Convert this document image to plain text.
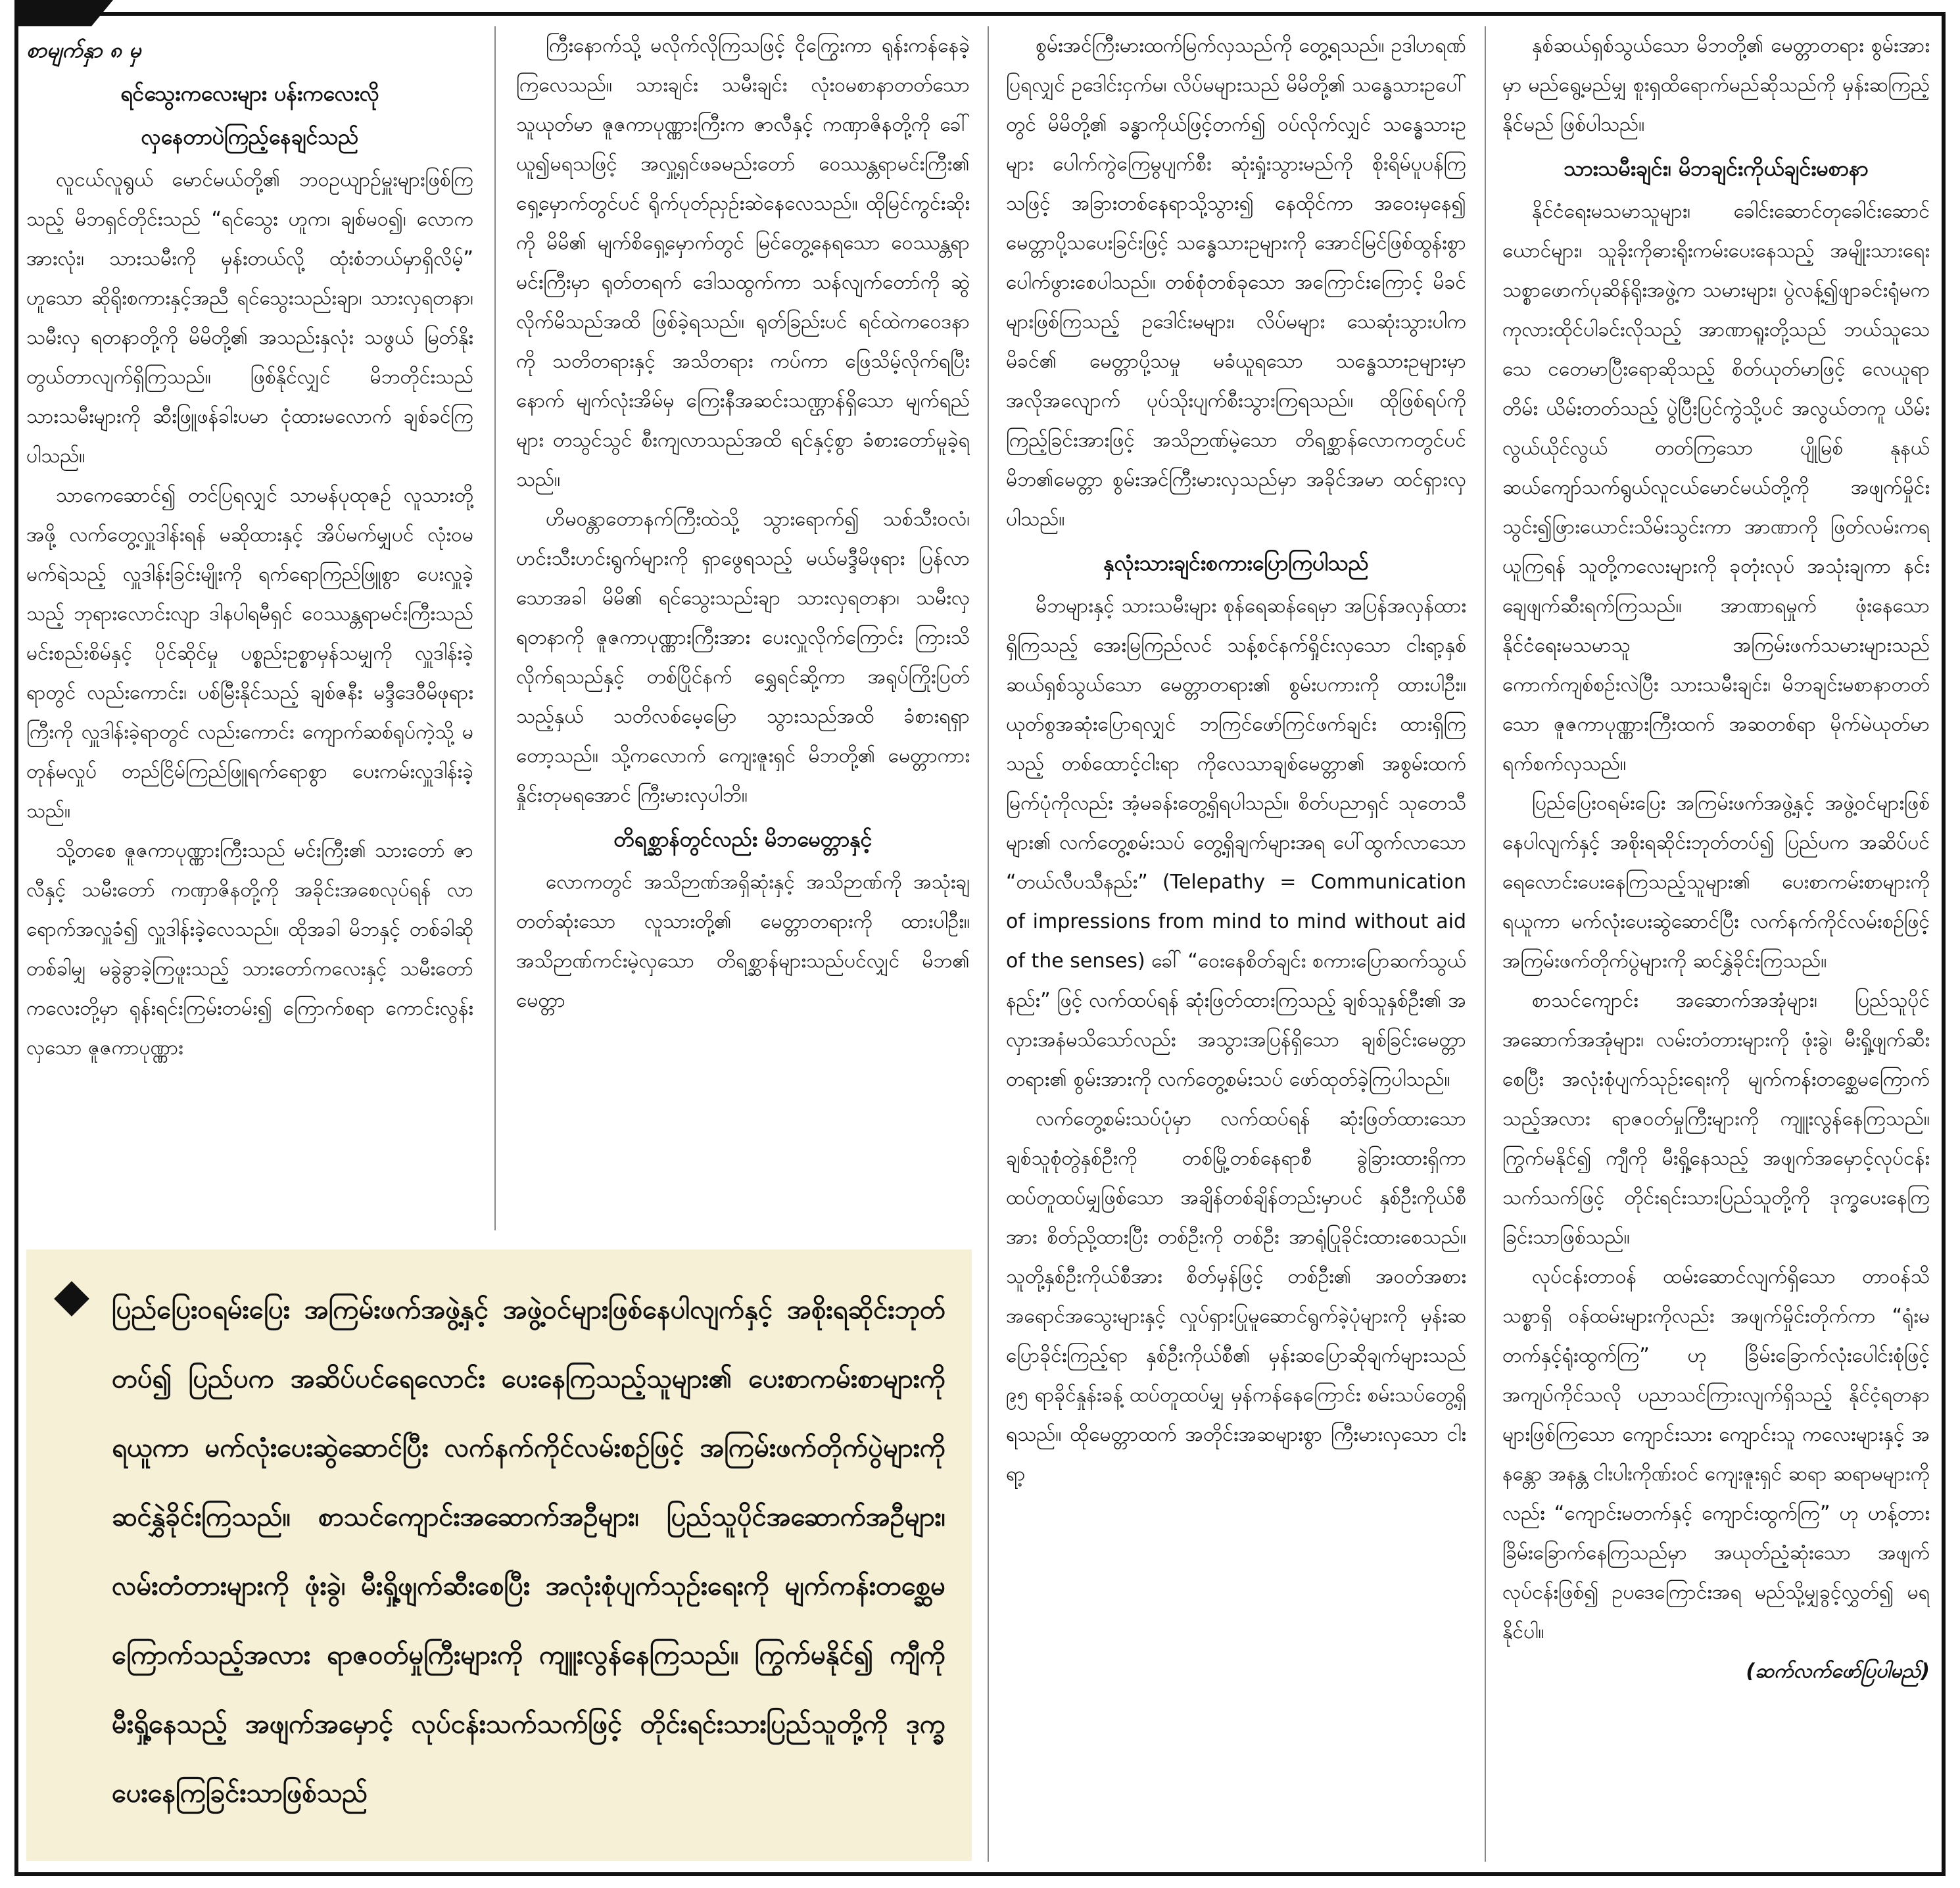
စာမျက်နှာ ၈ မှ

ရင်သွေးကလေးများ ပန်းကလေးလို

လှနေတာပဲကြည့်နေချင်သည်

လူငယ်လူရွယ် မောင်မယ်တို့၏ ဘဝဥယျာဉ်မှူးများဖြစ်ကြသည့် မိဘရှင်တိုင်းသည် “ရင်သွေး ဟူက၊ ချစ်မဝ၍၊ လောကအားလုံး၊ သားသမီးကို မှန်းတယ်လို့ ထုံးစံဘယ်မှာရှိလိမ့်” ဟူသော ဆိုရိုးစကားနှင့်အညီ ရင်သွေးသည်းချာ၊ သားလှရတနာ၊ သမီးလှ ရတနာတို့ကို မိမိတို့၏ အသည်းနှလုံး သဖွယ် မြတ်နိုးတွယ်တာလျက်ရှိကြသည်။ ဖြစ်နိုင်လျှင် မိဘတိုင်းသည် သားသမီးများကို ဆီးဖြူဖန်ခါးပမာ ငုံထားမလောက် ချစ်ခင်ကြပါသည်။

သာကေဆောင်၍ တင်ပြရလျှင် သာမန်ပုထုဇဉ် လူသားတို့အဖို့ လက်တွေ့လှူဒါန်းရန် မဆိုထားနှင့် အိပ်မက်မျှပင် လုံးဝမမက်ရဲသည့် လှူဒါန်းခြင်းမျိုးကို ရက်ရောကြည်ဖြူစွာ ပေးလှူခဲ့သည့် ဘုရားလောင်းလျာ ဒါနပါရမီရှင် ဝေဿန္တရာမင်းကြီးသည် မင်းစည်းစိမ်နှင့် ပိုင်ဆိုင်မှု ပစ္စည်းဥစ္စာမှန်သမျှကို လှူဒါန်းခဲ့ရာတွင် လည်းကောင်း၊ ပစ်မြီးနိုင်သည့် ချစ်ဇနီး မဒ္ဒီဒေဝီမိဖုရားကြီးကို လှူဒါန်းခဲ့ရာတွင် လည်းကောင်း ကျောက်ဆစ်ရုပ်ကဲ့သို့ မတုန်မလှုပ် တည်ငြိမ်ကြည်ဖြူရက်ရောစွာ ပေးကမ်းလှူဒါန်းခဲ့သည်။

သို့တစေ ဇူဇကာပုဏ္ဏားကြီးသည် မင်းကြီး၏ သားတော် ဇာလီနှင့် သမီးတော် ကဏှာဇိနတို့ကို အခိုင်းအစေလုပ်ရန် လာရောက်အလှူခံ၍ လှူဒါန်းခဲ့လေသည်။ ထိုအခါ မိဘနှင့် တစ်ခါဆိုတစ်ခါမျှ မခွဲခွာခဲ့ကြဖူးသည့် သားတော်ကလေးနှင့် သမီးတော်ကလေးတို့မှာ ရုန်းရင်းကြမ်းတမ်း၍ ကြောက်စရာ ကောင်းလွန်းလှသော ဇူဇကာပုဏ္ဏား

ကြီးနောက်သို့ မလိုက်လိုကြသဖြင့် ငိုကြွေးကာ ရုန်းကန်နေခဲ့ကြလေသည်။ သားချင်း သမီးချင်း လုံးဝမစာနာတတ်သော သူယုတ်မာ ဇူဇကာပုဏ္ဏားကြီးက ဇာလီနှင့် ကဏှာဇိနတို့ကို ခေါ်ယူ၍မရသဖြင့် အလှူ့ရှင်ဖခမည်းတော် ဝေဿန္တရာမင်းကြီး၏ ရှေ့မှောက်တွင်ပင် ရိုက်ပုတ်ညှဉ်းဆဲနေလေသည်။ ထိုမြင်ကွင်းဆိုးကို မိမိ၏ မျက်စိရှေ့မှောက်တွင် မြင်တွေ့နေရသော ဝေဿန္တရာမင်းကြီးမှာ ရုတ်တရက် ဒေါသထွက်ကာ သန်လျက်တော်ကို ဆွဲလိုက်မိသည်အထိ ဖြစ်ခဲ့ရသည်။ ရုတ်ခြည်းပင် ရင်ထဲကဝေဒနာကို သတိတရားနှင့် အသိတရား ကပ်ကာ ဖြေသိမ့်လိုက်ရပြီးနောက် မျက်လုံးအိမ်မှ ကြေးနီအဆင်းသဏ္ဌာန်ရှိသော မျက်ရည်များ တသွင်သွင် စီးကျလာသည်အထိ ရင်နှင့်စွာ ခံစားတော်မူခဲ့ရသည်။

ဟိမဝန္တာတောနက်ကြီးထဲသို့ သွားရောက်၍ သစ်သီးဝလံ၊ ဟင်းသီးဟင်းရွက်များကို ရှာဖွေရသည့် မယ်မဒ္ဒီမိဖုရား ပြန်လာသောအခါ မိမိ၏ ရင်သွေးသည်းချာ သားလှရတနာ၊ သမီးလှရတနာကို ဇူဇကာပုဏ္ဏားကြီးအား ပေးလှူလိုက်ကြောင်း ကြားသိလိုက်ရသည်နှင့် တစ်ပြိုင်နက် ရွှေရင်ဆို့ကာ အရုပ်ကြိုးပြတ်သည့်နှယ် သတိလစ်မေ့မြော သွားသည်အထိ ခံစားရရှာတော့သည်။ သို့ကလောက် ကျေးဇူးရှင် မိဘတို့၏ မေတ္တာကား နှိုင်းတုမရအောင် ကြီးမားလှပါဘိ။

တိရစ္ဆာန်တွင်လည်း မိဘမေတ္တာနှင့်

လောကတွင် အသိဉာဏ်အရှိဆုံးနှင့် အသိဉာဏ်ကို အသုံးချတတ်ဆုံးသော လူသားတို့၏ မေတ္တာတရားကို ထားပါဦး။ အသိဉာဏ်ကင်းမဲ့လှသော တိရစ္ဆာန်များသည်ပင်လျှင် မိဘ၏ မေတ္တာ

စွမ်းအင်ကြီးမားထက်မြက်လှသည်ကို တွေ့ရသည်။ ဥဒါဟရဏ်ပြရလျှင် ဥဒေါင်းငှက်မ၊ လိပ်မများသည် မိမိတို့၏ သန္ဓေသားဥပေါ်တွင် မိမိတို့၏ ခန္ဓာကိုယ်ဖြင့်တက်၍ ဝပ်လိုက်လျှင် သန္ဓေသားဥများ ပေါက်ကွဲကြေမွပျက်စီး ဆုံးရှုံးသွားမည်ကို စိုးရိမ်ပူပန်ကြသဖြင့် အခြားတစ်နေရာသို့သွား၍ နေထိုင်ကာ အဝေးမှနေ၍ မေတ္တာပို့သပေးခြင်းဖြင့် သန္ဓေသားဥများကို အောင်မြင်ဖြစ်ထွန်းစွာ ပေါက်ဖွားစေပါသည်။ တစ်စုံတစ်ခုသော အကြောင်းကြောင့် မိခင်များဖြစ်ကြသည့် ဥဒေါင်းမများ၊ လိပ်မများ သေဆုံးသွားပါက မိခင်၏ မေတ္တာပို့သမှု မခံယူရသော သန္ဓေသားဥများမှာ အလိုအလျောက် ပုပ်သိုးပျက်စီးသွားကြရသည်။ ထိုဖြစ်ရပ်ကို ကြည့်ခြင်းအားဖြင့် အသိဉာဏ်မဲ့သော တိရစ္ဆာန်လောကတွင်ပင် မိဘ၏မေတ္တာ စွမ်းအင်ကြီးမားလှသည်မှာ အခိုင်အမာ ထင်ရှားလှပါသည်။

နှလုံးသားချင်းစကားပြောကြပါသည်

မိဘများနှင့် သားသမီးများ စုန်ရေဆန်ရေမှာ အပြန်အလှန်ထားရှိကြသည့် အေးမြကြည်လင် သန့်စင်နက်ရှိုင်းလှသော ငါးရာ့နှစ်ဆယ်ရှစ်သွယ်သော မေတ္တာတရား၏ စွမ်းပကားကို ထားပါဦး။ ယုတ်စွအဆုံးပြောရလျှင် ဘကြင်ဖော်ကြင်ဖက်ချင်း ထားရှိကြသည့် တစ်ထောင့်ငါးရာ ကိုလေသာချစ်မေတ္တာ၏ အစွမ်းထက်မြက်ပုံကိုလည်း အံ့မခန်းတွေ့ရှိရပါသည်။ စိတ်ပညာရှင် သုတေသီများ၏ လက်တွေ့စမ်းသပ် တွေ့ရှိချက်များအရ ပေါ်ထွက်လာသော “တယ်လီပသီနည်း” (Telepathy = Communication of impressions from mind to mind without aid of the senses) ခေါ် “ဝေးနေစိတ်ချင်း စကားပြောဆက်သွယ်နည်း” ဖြင့် လက်ထပ်ရန် ဆုံးဖြတ်ထားကြသည့် ချစ်သူနှစ်ဦး၏ အလှားအနံမသိသော်လည်း အသွားအပြန်ရှိသော ချစ်ခြင်းမေတ္တာတရား၏ စွမ်းအားကို လက်တွေ့စမ်းသပ် ဖော်ထုတ်ခဲ့ကြပါသည်။

လက်တွေ့စမ်းသပ်ပုံမှာ လက်ထပ်ရန် ဆုံးဖြတ်ထားသော ချစ်သူစုံတွဲနှစ်ဦးကို တစ်မြို့တစ်နေရာစီ ခွဲခြားထားရှိကာ ထပ်တူထပ်မျှဖြစ်သော အချိန်တစ်ချိန်တည်းမှာပင် နှစ်ဦးကိုယ်စီအား စိတ်ညို့ထားပြီး တစ်ဦးကို တစ်ဦး အာရုံပြုခိုင်းထားစေသည်။ သူတို့နှစ်ဦးကိုယ်စီအား စိတ်မှန်ဖြင့် တစ်ဦး၏ အဝတ်အစားအရောင်အသွေးများနှင့် လှုပ်ရှားပြုမူဆောင်ရွက်ခဲ့ပုံများကို မှန်းဆပြောခိုင်းကြည့်ရာ နှစ်ဦးကိုယ်စီ၏ မှန်းဆပြောဆိုချက်များသည် ၉၅ ရာခိုင်နှုန်းခန့် ထပ်တူထပ်မျှ မှန်ကန်နေကြောင်း စမ်းသပ်တွေ့ရှိရသည်။ ထိုမေတ္တာထက် အတိုင်းအဆများစွာ ကြီးမားလှသော ငါးရာ့

နှစ်ဆယ်ရှစ်သွယ်သော မိဘတို့၏ မေတ္တာတရား စွမ်းအားမှာ မည်ရွေ့မည်မျှ စူးရှထိရောက်မည်ဆိုသည်ကို မှန်းဆကြည့်နိုင်မည် ဖြစ်ပါသည်။

သားသမီးချင်း၊ မိဘချင်းကိုယ်ချင်းမစာနာ

နိုင်ငံရေးမသမာသူများ၊ ခေါင်းဆောင်တုခေါင်းဆောင်ယောင်များ၊ သူခိုးကိုဓားရိုးကမ်းပေးနေသည့် အမျိုးသားရေး သစ္စာဖောက်ပုဆိန်ရိုးအဖွဲ့က သမားများ၊ ပွဲလန့်၍ဖျာခင်းရုံမက ကုလားထိုင်ပါခင်းလိုသည့် အာဏာရူးတို့သည် ဘယ်သူသေသေ ငတေမာပြီးရောဆိုသည့် စိတ်ယုတ်မာဖြင့် လေယူရာတိမ်း ယိမ်းတတ်သည့် ပွဲပြီးပြင်ကွဲသို့ပင် အလွယ်တကူ ယိမ်းလွယ်ယိုင်လွယ် တတ်ကြသော ပျိုမြစ် နုနယ် ဆယ်ကျော်သက်ရွယ်လူငယ်မောင်မယ်တို့ကို အဖျက်မှိုင်းသွင်း၍ဖြားယောင်းသိမ်းသွင်းကာ အာဏာကို ဖြတ်လမ်းကရယူကြရန် သူတို့ကလေးများကို ခုတုံးလုပ် အသုံးချကာ နင်းချေဖျက်ဆီးရက်ကြသည်။ အာဏာရမှုက် ဖုံးနေသော နိုင်ငံရေးမသမာသူ အကြမ်းဖက်သမားများသည် ကောက်ကျစ်စဉ်းလဲပြီး သားသမီးချင်း၊ မိဘချင်းမစာနာတတ်သော ဇူဇကာပုဏ္ဏားကြီးထက် အဆတစ်ရာ မိုက်မဲယုတ်မာ ရက်စက်လှသည်။

ပြည်ပြေးဝရမ်းပြေး အကြမ်းဖက်အဖွဲ့နှင့် အဖွဲ့ဝင်များဖြစ်နေပါလျက်နှင့် အစိုးရဆိုင်းဘုတ်တပ်၍ ပြည်ပက အဆိပ်ပင်ရေလောင်းပေးနေကြသည့်သူများ၏ ပေးစာကမ်းစာများကို ရယူကာ မက်လုံးပေးဆွဲဆောင်ပြီး လက်နက်ကိုင်လမ်းစဉ်ဖြင့် အကြမ်းဖက်တိုက်ပွဲများကို ဆင်နွှဲခိုင်းကြသည်။

စာသင်ကျောင်း အဆောက်အအုံများ၊ ပြည်သူပိုင် အဆောက်အအုံများ၊ လမ်းတံတားများကို ဖုံးခွဲ၊ မီးရှို့ဖျက်ဆီးစေပြီး အလုံးစုံပျက်သုဉ်းရေးကို မျက်ကန်းတစ္ဆေမကြောက်သည့်အလား ရာဇဝတ်မှုကြီးများကို ကျူးလွန်နေကြသည်။ ကြွက်မနိုင်၍ ကျီကို မီးရှို့နေသည့် အဖျက်အမှောင့်လုပ်ငန်း သက်သက်ဖြင့် တိုင်းရင်းသားပြည်သူတို့ကို ဒုက္ခပေးနေကြခြင်းသာဖြစ်သည်။

လုပ်ငန်းတာဝန် ထမ်းဆောင်လျက်ရှိသော တာဝန်သိသစ္စာရှိ ဝန်ထမ်းများကိုလည်း အဖျက်မှိုင်းတိုက်ကာ “ရုံးမတက်နှင့်ရုံးထွက်ကြ” ဟု ခြိမ်းခြောက်လုံးပေါင်းစုံဖြင့် အကျပ်ကိုင်သလို ပညာသင်ကြားလျက်ရှိသည့် နိုင်ငံ့ရတနာများဖြစ်ကြသော ကျောင်းသား ကျောင်းသူ ကလေးများနှင့် အနန္တော အနန္တ ငါးပါးကိုဏ်းဝင် ကျေးဇူးရှင် ဆရာ ဆရာမများကိုလည်း “ကျောင်းမတက်နှင့် ကျောင်းထွက်ကြ” ဟု ဟန့်တားခြိမ်းခြောက်နေကြသည်မှာ အယုတ်ညံ့ဆုံးသော အဖျက်လုပ်ငန်းဖြစ်၍ ဥပဒေကြောင်းအရ မည်သို့မျှခွင့်လွှတ်၍ မရနိုင်ပါ။

(ဆက်လက်ဖော်ပြပါမည်)

ပြည်ပြေးဝရမ်းပြေး အကြမ်းဖက်အဖွဲ့နှင့် အဖွဲ့ဝင်များဖြစ်နေပါလျက်နှင့် အစိုးရဆိုင်းဘုတ်တပ်၍ ပြည်ပက အဆိပ်ပင်ရေလောင်း ပေးနေကြသည့်သူများ၏ ပေးစာကမ်းစာများကိုရယူကာ မက်လုံးပေးဆွဲဆောင်ပြီး လက်နက်ကိုင်လမ်းစဉ်ဖြင့် အကြမ်းဖက်တိုက်ပွဲများကို ဆင်နွှဲခိုင်းကြသည်။ စာသင်ကျောင်းအဆောက်အဦများ၊ ပြည်သူပိုင်အဆောက်အဦများ၊ လမ်းတံတားများကို ဖုံးခွဲ၊ မီးရှို့ဖျက်ဆီးစေပြီး အလုံးစုံပျက်သုဉ်းရေးကို မျက်ကန်းတစ္ဆေမကြောက်သည့်အလား ရာဇဝတ်မှုကြီးများကို ကျူးလွန်နေကြသည်။ ကြွက်မနိုင်၍ ကျီကိုမီးရှို့နေသည့် အဖျက်အမှောင့် လုပ်ငန်းသက်သက်ဖြင့် တိုင်းရင်းသားပြည်သူတို့ကို ဒုက္ခပေးနေကြခြင်းသာဖြစ်သည်
